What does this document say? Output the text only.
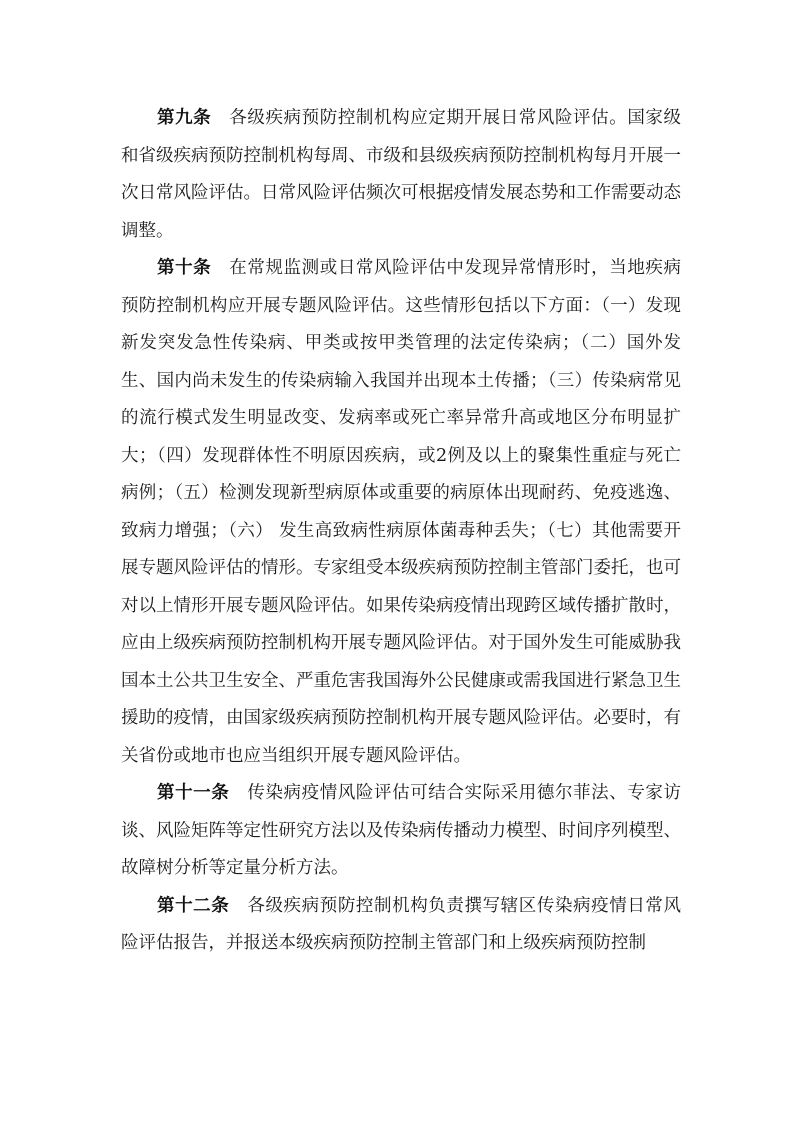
第九条 各级疾病预防控制机构应定期开展日常风险评估。国家级和省级疾病预防控制机构每周、市级和县级疾病预防控制机构每月开展一次日常风险评估。日常风险评估频次可根据疫情发展态势和工作需要动态调整。

第十条 在常规监测或日常风险评估中发现异常情形时，当地疾病预防控制机构应开展专题风险评估。这些情形包括以下方面：（一）发现新发突发急性传染病、甲类或按甲类管理的法定传染病；（二）国外发生、国内尚未发生的传染病输入我国并出现本土传播；（三）传染病常见的流行模式发生明显改变、发病率或死亡率异常升高或地区分布明显扩大；（四）发现群体性不明原因疾病，或2例及以上的聚集性重症与死亡病例；（五）检测发现新型病原体或重要的病原体出现耐药、免疫逃逸、致病力增强；（六） 发生高致病性病原体菌毒种丢失；（七）其他需要开展专题风险评估的情形。专家组受本级疾病预防控制主管部门委托，也可对以上情形开展专题风险评估。如果传染病疫情出现跨区域传播扩散时，应由上级疾病预防控制机构开展专题风险评估。对于国外发生可能威胁我国本土公共卫生安全、严重危害我国海外公民健康或需我国进行紧急卫生援助的疫情，由国家级疾病预防控制机构开展专题风险评估。必要时，有关省份或地市也应当组织开展专题风险评估。

第十一条 传染病疫情风险评估可结合实际采用德尔菲法、专家访谈、风险矩阵等定性研究方法以及传染病传播动力模型、时间序列模型、故障树分析等定量分析方法。

第十二条 各级疾病预防控制机构负责撰写辖区传染病疫情日常风险评估报告，并报送本级疾病预防控制主管部门和上级疾病预防控制
